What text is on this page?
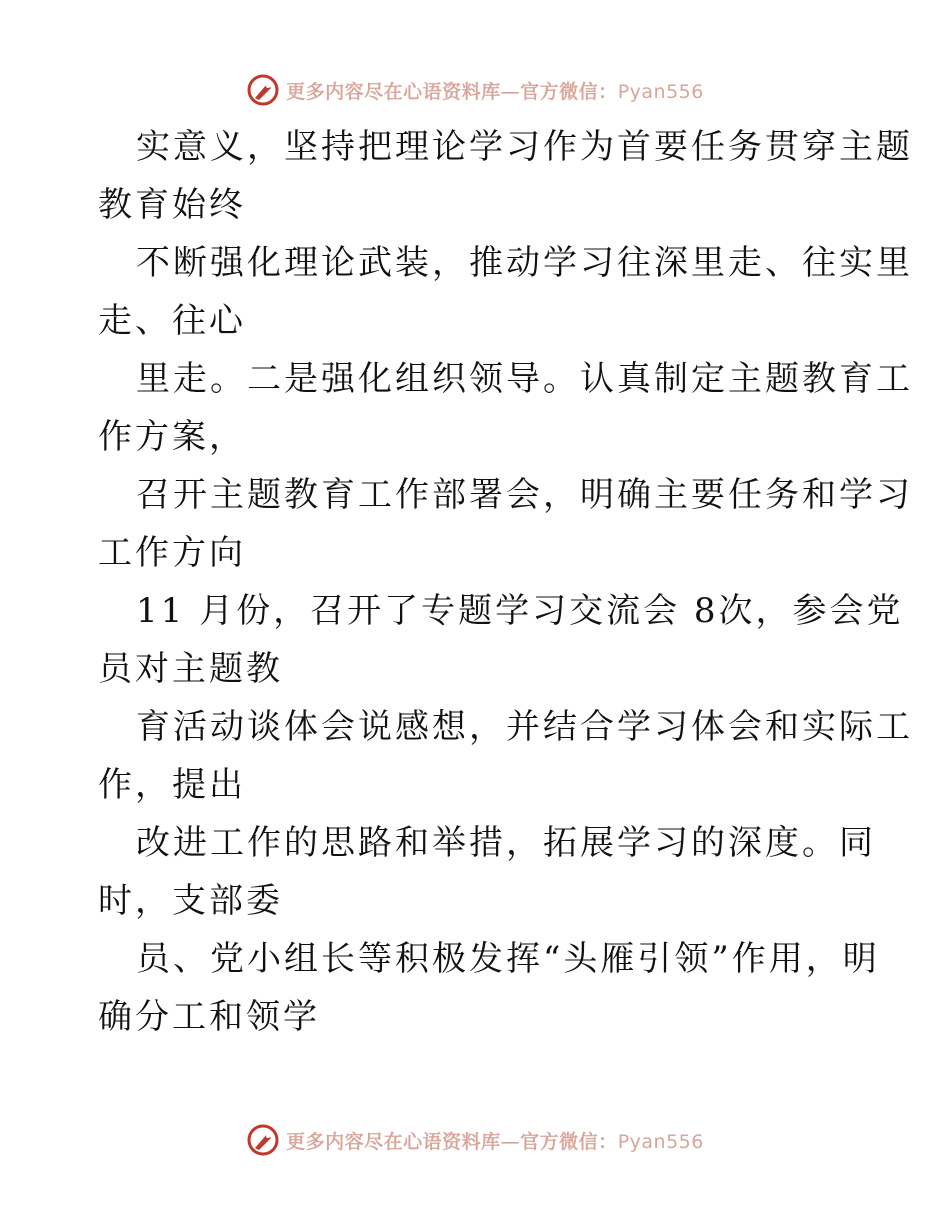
更多内容尽在心语资料库—官方微信：Pyan556
实意义，坚持把理论学习作为首要任务贯穿主题
教育始终
不断强化理论武装，推动学习往深里走、往实里
走、往心
里走。二是强化组织领导。认真制定主题教育工
作方案，
召开主题教育工作部署会，明确主要任务和学习
工作方向
11 月份，召开了专题学习交流会 8次，参会党
员对主题教
育活动谈体会说感想，并结合学习体会和实际工
作，提出
改进工作的思路和举措，拓展学习的深度。同
时，支部委
员、党小组长等积极发挥“头雁引领”作用，明
确分工和领学
更多内容尽在心语资料库—官方微信：Pyan556
